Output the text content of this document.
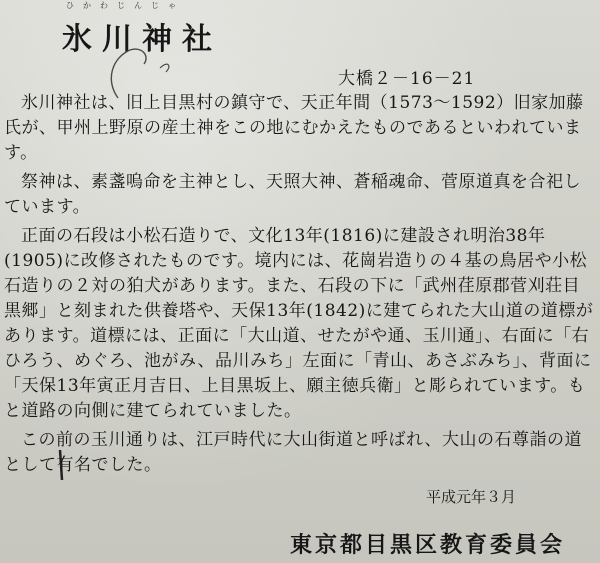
ひかわじんじゃ
氷川神社
大橋２－16－21

氷川神社は、旧上目黒村の鎮守で、天正年間（1573～1592）旧家加藤氏が、甲州上野原の産土神をこの地にむかえたものであるといわれています。

祭神は、素盞嗚命を主神とし、天照大神、蒼稲魂命、菅原道真を合祀しています。

正面の石段は小松石造りで、文化13年(1816)に建設され明治38年(1905)に改修されたものです。境内には、花崗岩造りの４基の鳥居や小松石造りの２対の狛犬があります。また、石段の下に「武州荏原郡菅刈荘目黒郷」と刻まれた供養塔や、天保13年(1842)に建てられた大山道の道標があります。道標には、正面に「大山道、せたがや通、玉川通」、右面に「右ひろう、めぐろ、池がみ、品川みち」左面に「青山、あさぶみち」、背面に「天保13年寅正月吉日、上目黒坂上、願主徳兵衛」と彫られています。もと道路の向側に建てられていました。

この前の玉川通りは、江戸時代に大山街道と呼ばれ、大山の石尊詣の道として有名でした。

平成元年３月
東京都目黒区教育委員会
